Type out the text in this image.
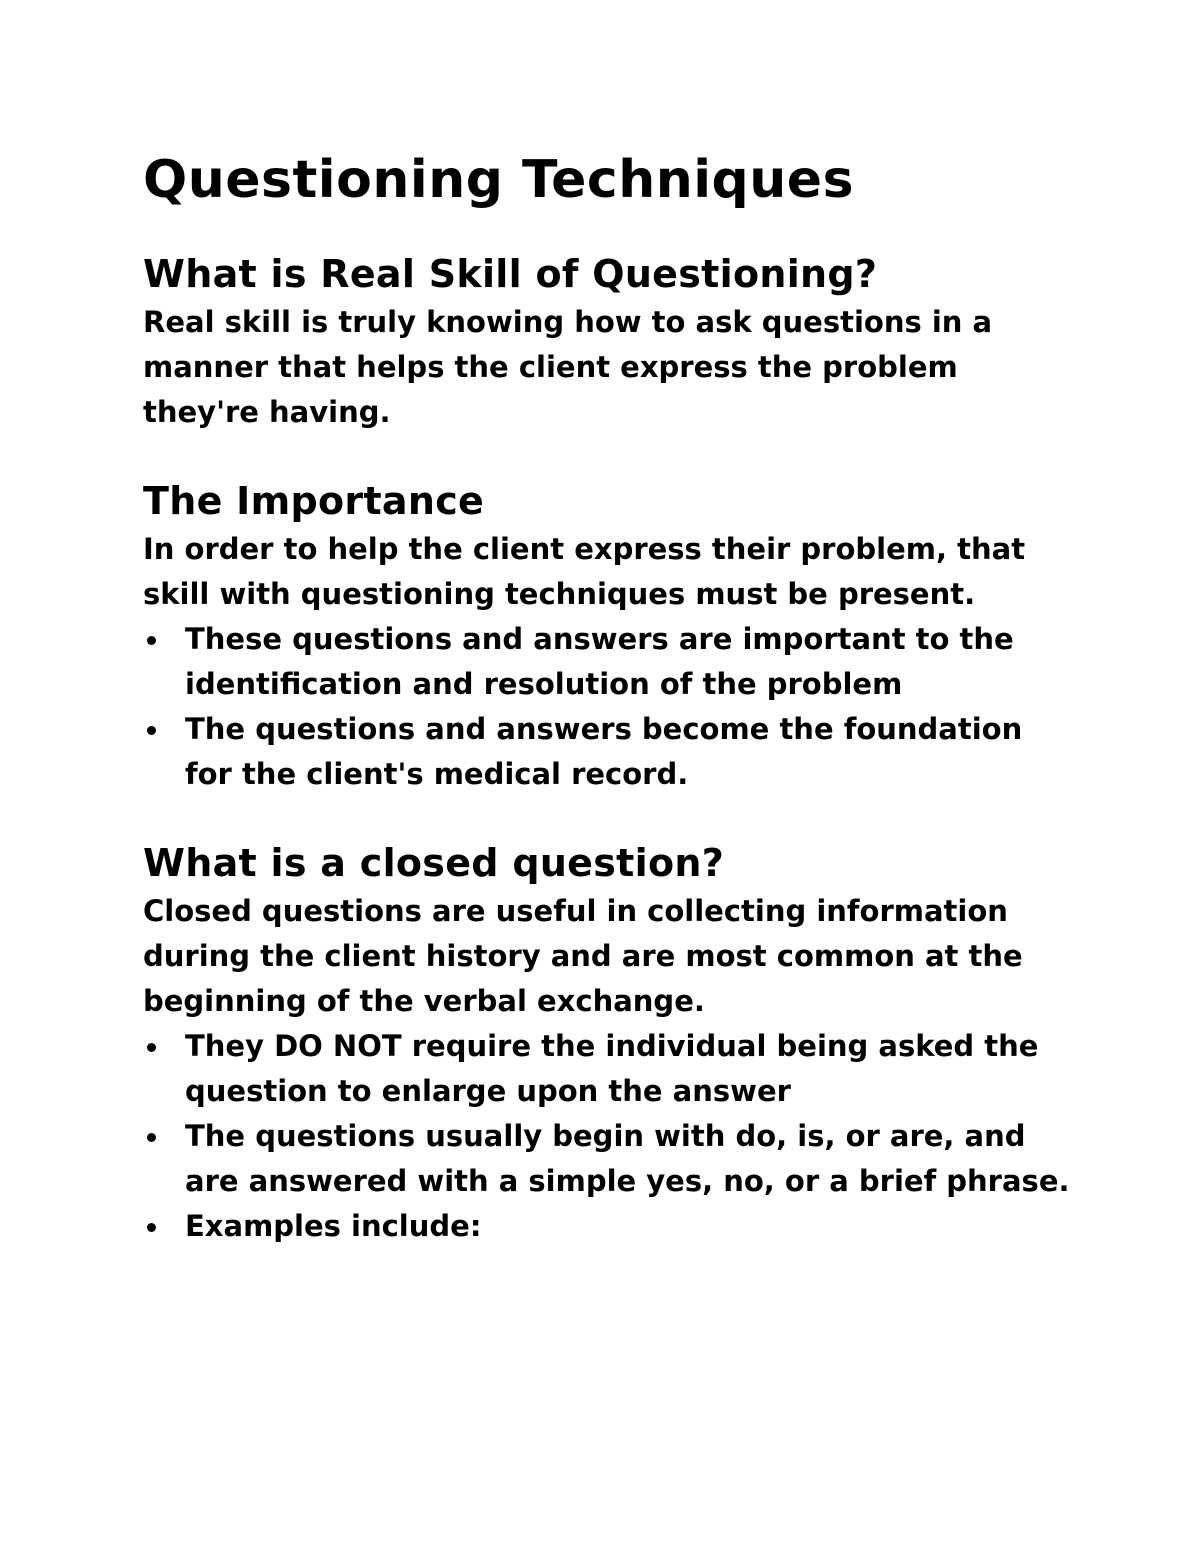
Questioning Techniques
What is Real Skill of Questioning?

Real skill is truly knowing how to ask questions in a manner that helps the client express the problem they're having.

The Importance

In order to help the client express their problem, that skill with questioning techniques must be present.

These questions and answers are important to the identification and resolution of the problem
The questions and answers become the foundation for the client's medical record.
What is a closed question?

Closed questions are useful in collecting information during the client history and are most common at the beginning of the verbal exchange.

They DO NOT require the individual being asked the question to enlarge upon the answer
The questions usually begin with do, is, or are, and are answered with a simple yes, no, or a brief phrase.
Examples include:
